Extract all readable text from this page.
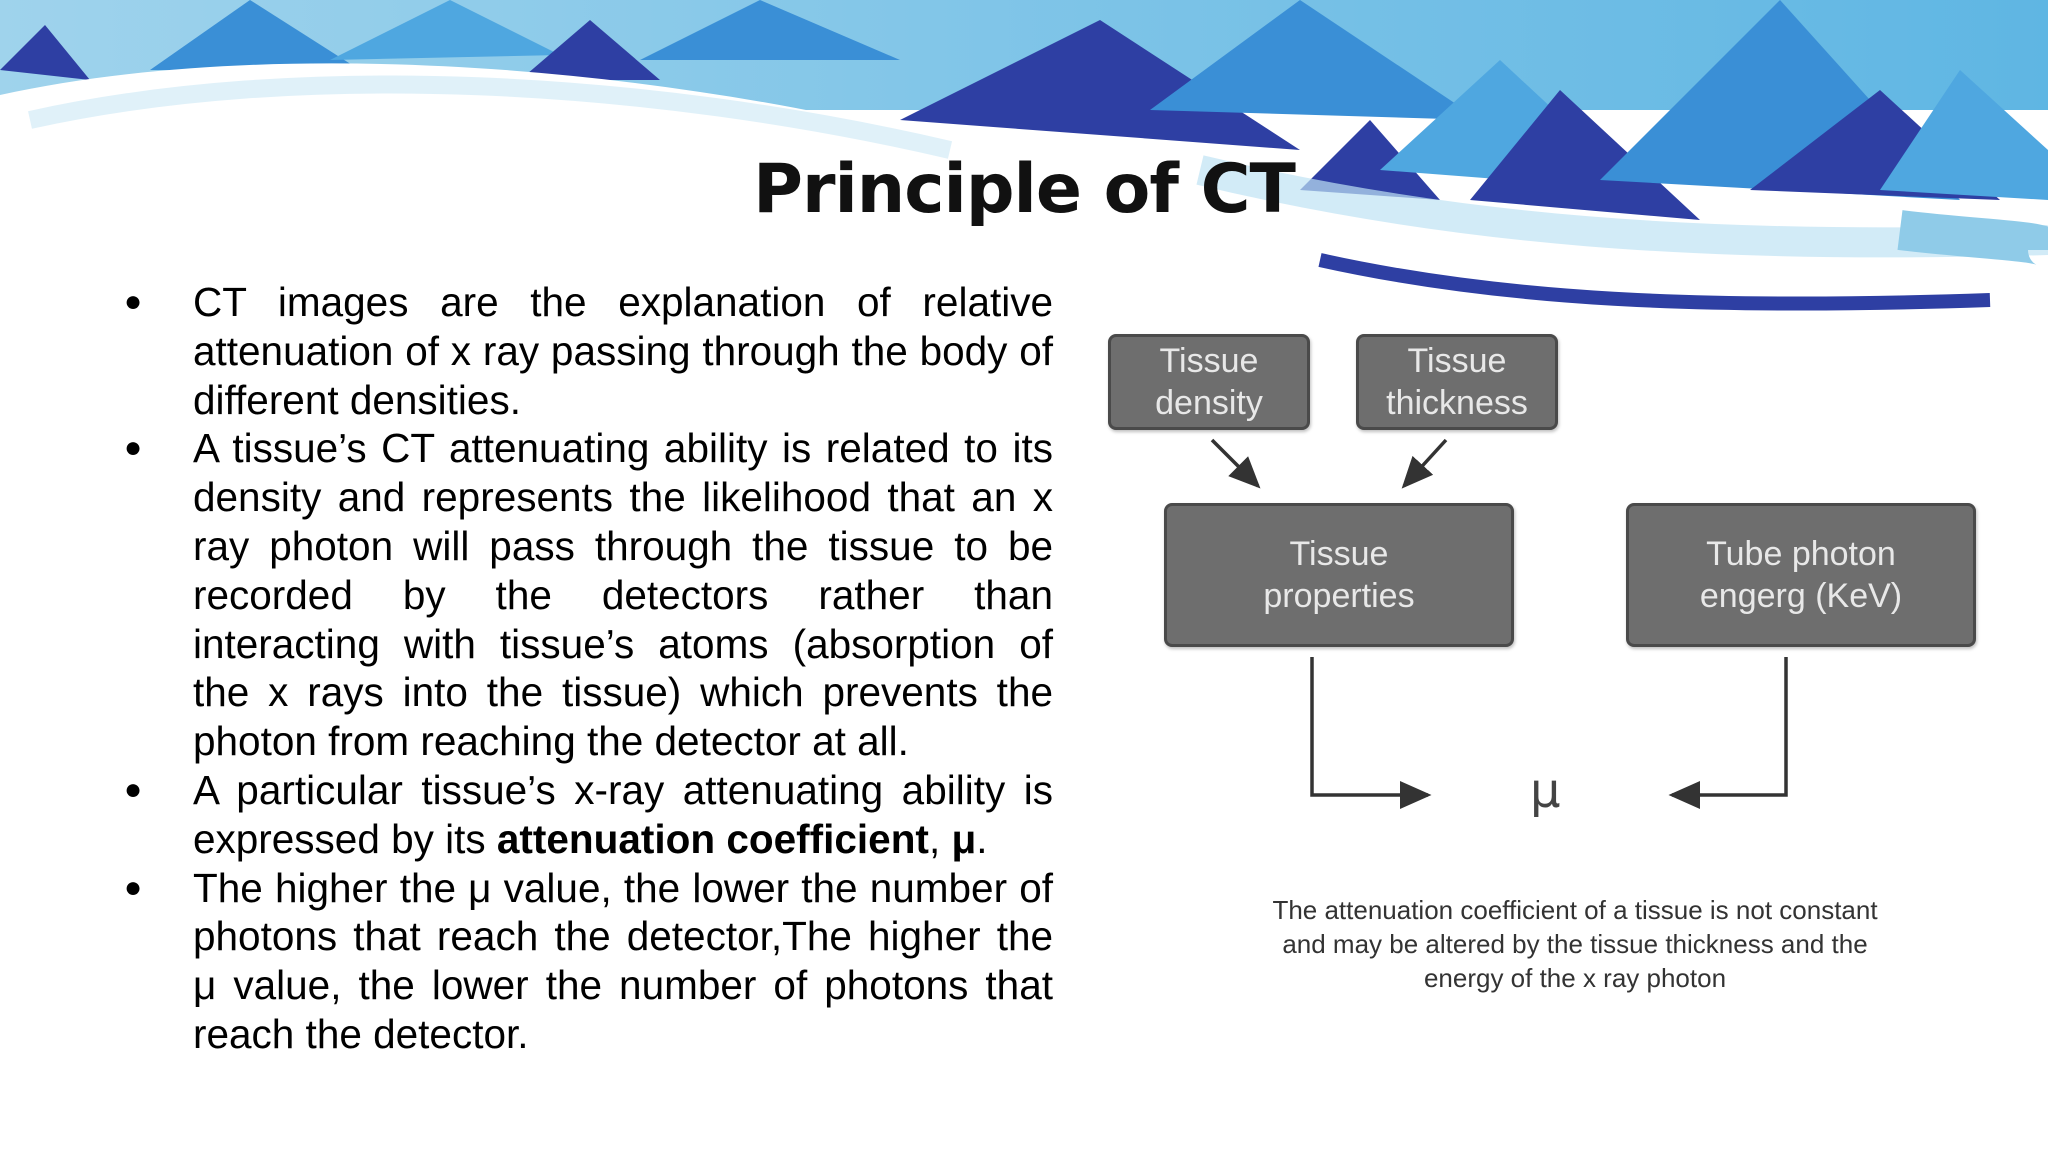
Principle of CT
● CT images are the explanation of relative attenuation of x ray passing through the body of different densities.
● A tissue’s CT attenuating ability is related to its density and represents the likelihood that an x ray photon will pass through the tissue to be recorded by the detectors rather than interacting with tissue’s atoms (absorption of the x rays into the tissue) which prevents the photon from reaching the detector at all.
● A particular tissue’s x-ray attenuating ability is expressed by its attenuation coefficient, μ.
● The higher the μ value, the lower the number of photons that reach the detector,The higher the μ value, the lower the number of photons that reach the detector.
Tissue
density
Tissue
thickness
Tissue
properties
Tube photon
engerg (KeV)
μ
The attenuation coefficient of a tissue is not constant and may be altered by the tissue thickness and the energy of the x ray photon
